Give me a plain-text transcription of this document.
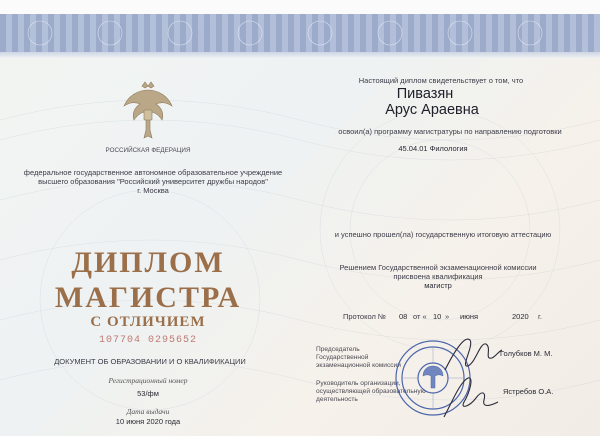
РОССИЙСКАЯ ФЕДЕРАЦИЯ
федеральное государственное автономное образовательное учреждение
высшего образования "Российский университет дружбы народов"
г. Москва
ДИПЛОМ
МАГИСТРА
С ОТЛИЧИЕМ
107704 0295652
ДОКУМЕНТ ОБ ОБРАЗОВАНИИ И О КВАЛИФИКАЦИИ
Регистрационный номер
53/фм
Дата выдачи
10 июня 2020 года
Настоящий диплом свидетельствует о том, что
Пивазян
Арус Араевна
освоил(а) программу магистратуры по направлению подготовки
45.04.01 Филология
и успешно прошел(ла) государственную итоговую аттестацию
Решением Государственной экзаменационной комиссии
присвоена квалификация
магистр
Протокол № 08 от « 10 » июня	2020 г.
Председатель
Государственной
экзаменационной комиссии
Голубков М. М.
Руководитель организации,
осуществляющей образовательную
деятельность
Ястребов О.А.
